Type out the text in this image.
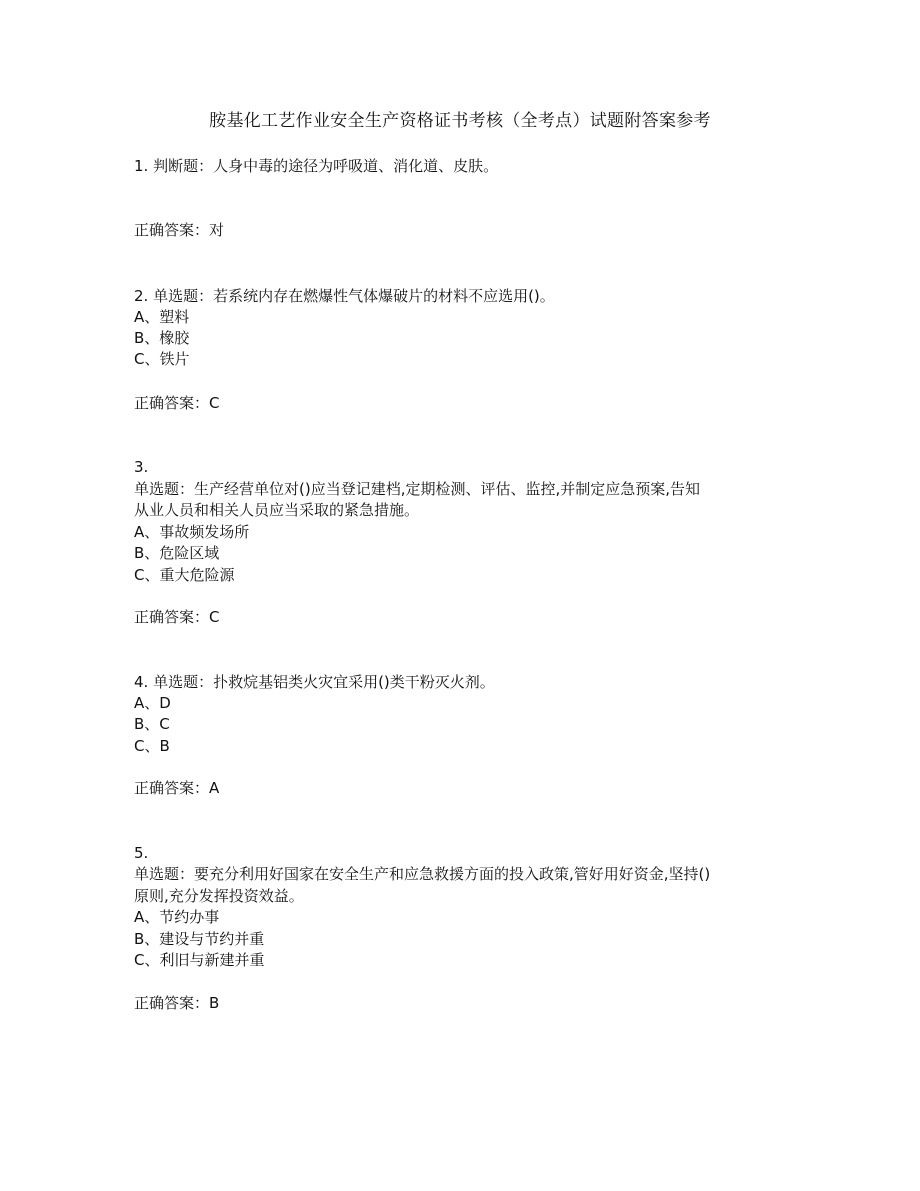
胺基化工艺作业安全生产资格证书考核（全考点）试题附答案参考
1. 判断题：人身中毒的途径为呼吸道、消化道、皮肤。
正确答案：对
2. 单选题：若系统内存在燃爆性气体爆破片的材料不应选用()。
A、塑料
B、橡胶
C、铁片
正确答案：C
3.
单选题：生产经营单位对()应当登记建档,定期检测、评估、监控,并制定应急预案,告知
从业人员和相关人员应当采取的紧急措施。
A、事故频发场所
B、危险区域
C、重大危险源
正确答案：C
4. 单选题：扑救烷基铝类火灾宜采用()类干粉灭火剂。
A、D
B、C
C、B
正确答案：A
5.
单选题：要充分利用好国家在安全生产和应急救援方面的投入政策,管好用好资金,坚持()
原则,充分发挥投资效益。
A、节约办事
B、建设与节约并重
C、利旧与新建并重
正确答案：B
